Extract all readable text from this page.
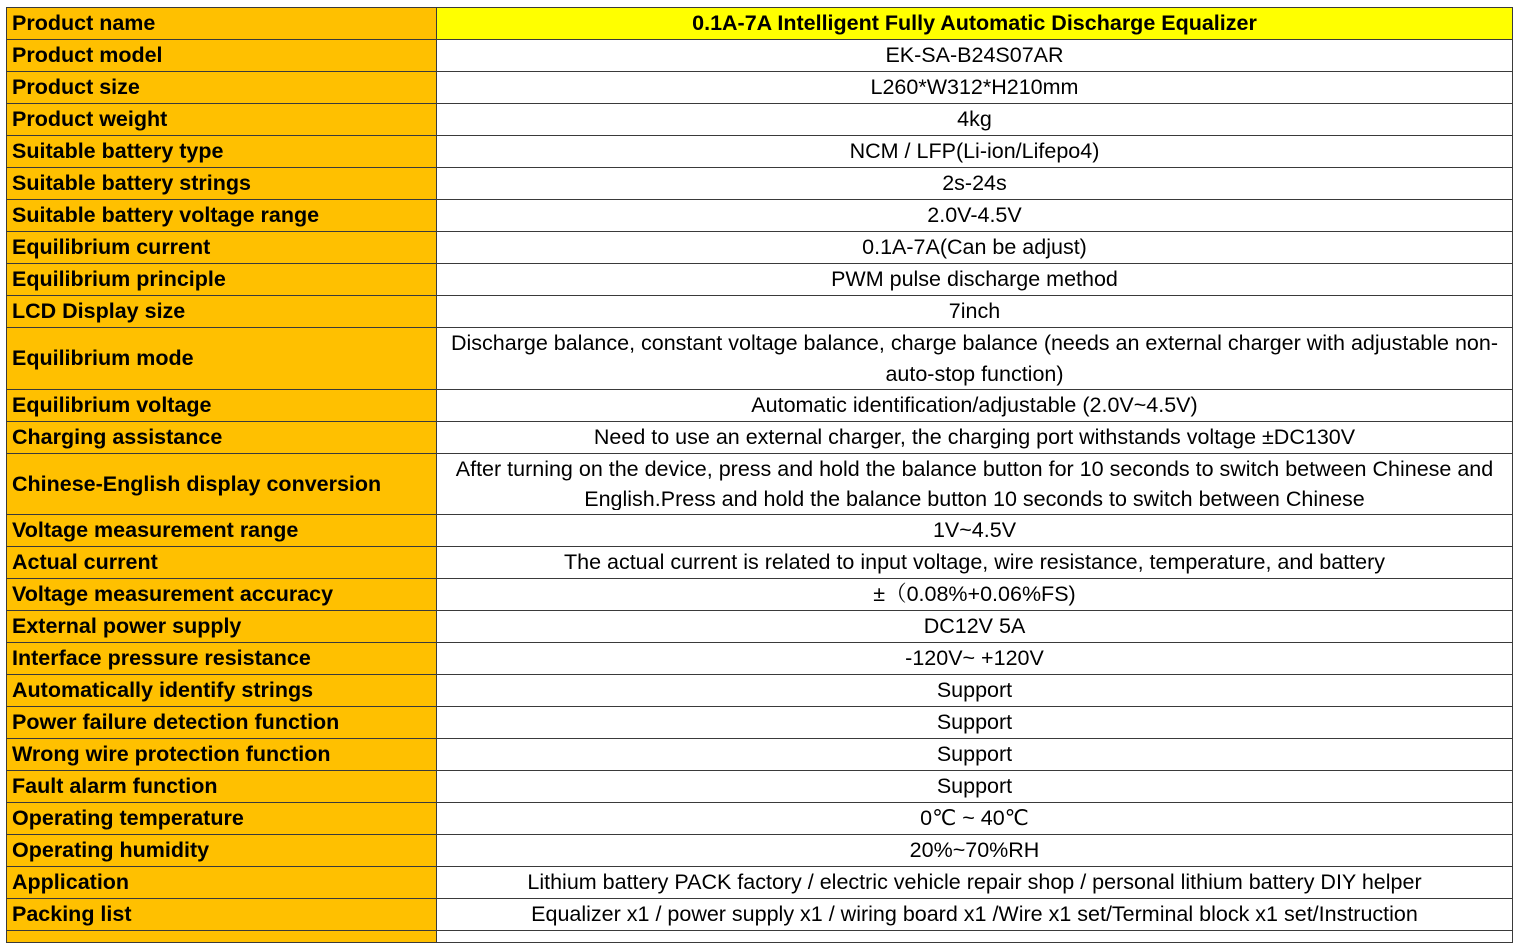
Product name	0.1A-7A Intelligent Fully Automatic Discharge Equalizer
Product model	EK-SA-B24S07AR
Product size	L260*W312*H210mm
Product weight	4kg
Suitable battery type	NCM / LFP(Li-ion/Lifepo4)
Suitable battery strings	2s-24s
Suitable battery voltage range	2.0V-4.5V
Equilibrium current	0.1A-7A(Can be adjust)
Equilibrium principle	PWM pulse discharge method
LCD Display size	7inch
Equilibrium mode	Discharge balance, constant voltage balance, charge balance (needs an external charger with adjustable non-auto-stop function)
Equilibrium voltage	Automatic identification/adjustable (2.0V~4.5V)
Charging assistance	Need to use an external charger, the charging port withstands voltage ±DC130V
Chinese-English display conversion	After turning on the device, press and hold the balance button for 10 seconds to switch between Chinese and English.Press and hold the balance button 10 seconds to switch between Chinese

Voltage measurement range	1V~4.5V
Actual current	The actual current is related to input voltage, wire resistance, temperature, and battery
Voltage measurement accuracy	±（0.08%+0.06%FS)
External power supply	DC12V 5A
Interface pressure resistance	-120V~ +120V
Automatically identify strings	Support
Power failure detection function	Support
Wrong wire protection function	Support
Fault alarm function	Support
Operating temperature	0℃ ~ 40℃
Operating humidity	20%~70%RH
Application	Lithium battery PACK factory / electric vehicle repair shop / personal lithium battery DIY helper
Packing list	Equalizer x1 / power supply x1 / wiring board x1 /Wire x1 set/Terminal block x1 set/Instruction
